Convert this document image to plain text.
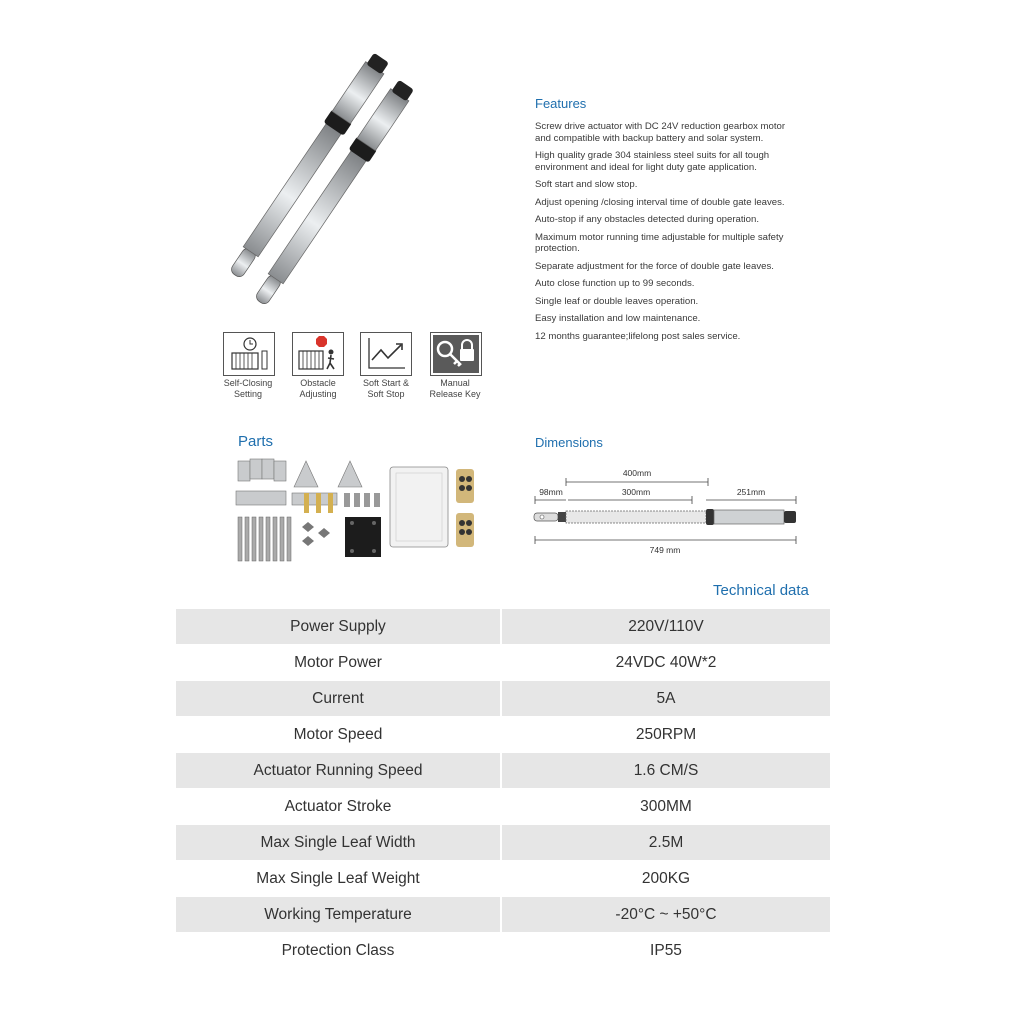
Self-Closing
Setting
Obstacle
Adjusting
Soft Start &
Soft Stop
Manual
Release Key
Features

Screw drive actuator with DC 24V reduction gearbox motor and compatible with backup battery and solar system.

High quality grade 304 stainless steel suits for all tough environment and ideal for light duty gate application.

Soft start and slow stop.

Adjust opening /closing interval time of double gate leaves.

Auto-stop if any obstacles detected during operation.

Maximum motor running time adjustable for multiple safety protection.

Separate adjustment for the force of double gate leaves.

Auto close function up to 99 seconds.

Single leaf or double leaves operation.

Easy installation and low maintenance.

12 months guarantee;lifelong post sales service.

Parts	Dimensions
400mm
98mm	300mm	251mm
749 mm
Technical data
Power Supply	220V/110V
Motor Power	24VDC 40W*2
Current	5A
Motor Speed	250RPM
Actuator Running Speed	1.6 CM/S
Actuator Stroke	300MM
Max Single Leaf Width	2.5M
Max Single Leaf Weight	200KG
Working Temperature	-20°C ~ +50°C
Protection Class	IP55
